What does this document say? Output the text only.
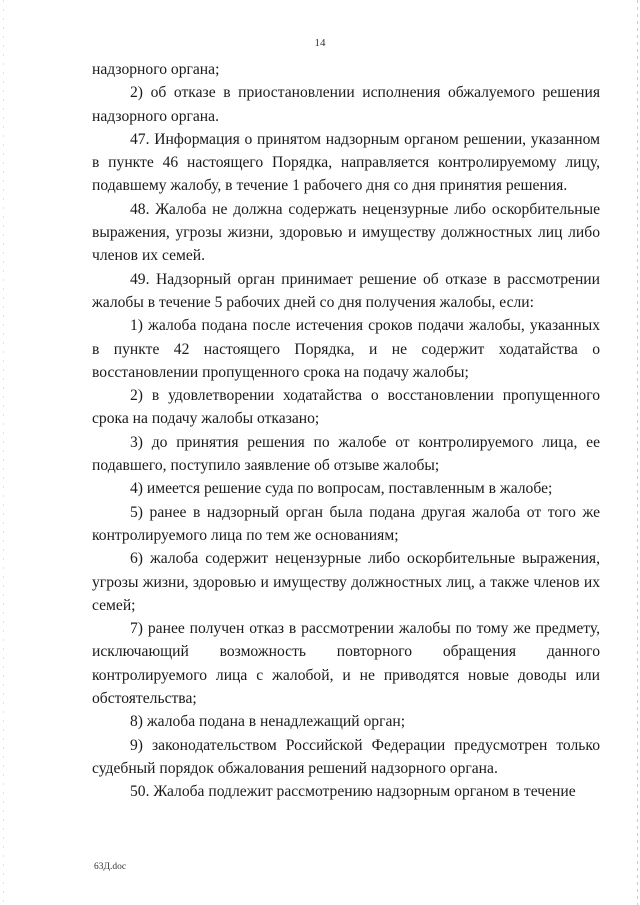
14

надзорного органа;

2) об отказе в приостановлении исполнения обжалуемого решения надзорного органа.

47. Информация о принятом надзорным органом решении, указанном в пункте 46 настоящего Порядка, направляется контролируемому лицу, подавшему жалобу, в течение 1 рабочего дня со дня принятия решения.

48. Жалоба не должна содержать нецензурные либо оскорбительные выражения, угрозы жизни, здоровью и имуществу должностных лиц либо членов их семей.

49. Надзорный орган принимает решение об отказе в рассмотрении жалобы в течение 5 рабочих дней со дня получения жалобы, если:

1) жалоба подана после истечения сроков подачи жалобы, указанных в пункте 42 настоящего Порядка, и не содержит ходатайства о восстановлении пропущенного срока на подачу жалобы;

2) в удовлетворении ходатайства о восстановлении пропущенного срока на подачу жалобы отказано;

3) до принятия решения по жалобе от контролируемого лица, ее подавшего, поступило заявление об отзыве жалобы;

4) имеется решение суда по вопросам, поставленным в жалобе;

5) ранее в надзорный орган была подана другая жалоба от того же контролируемого лица по тем же основаниям;

6) жалоба содержит нецензурные либо оскорбительные выражения, угрозы жизни, здоровью и имуществу должностных лиц, а также членов их семей;

7) ранее получен отказ в рассмотрении жалобы по тому же предмету, исключающий возможность повторного обращения данного контролируемого лица с жалобой, и не приводятся новые доводы или обстоятельства;

8) жалоба подана в ненадлежащий орган;

9) законодательством Российской Федерации предусмотрен только судебный порядок обжалования решений надзорного органа.

50. Жалоба подлежит рассмотрению надзорным органом в течение

63Д.doc
